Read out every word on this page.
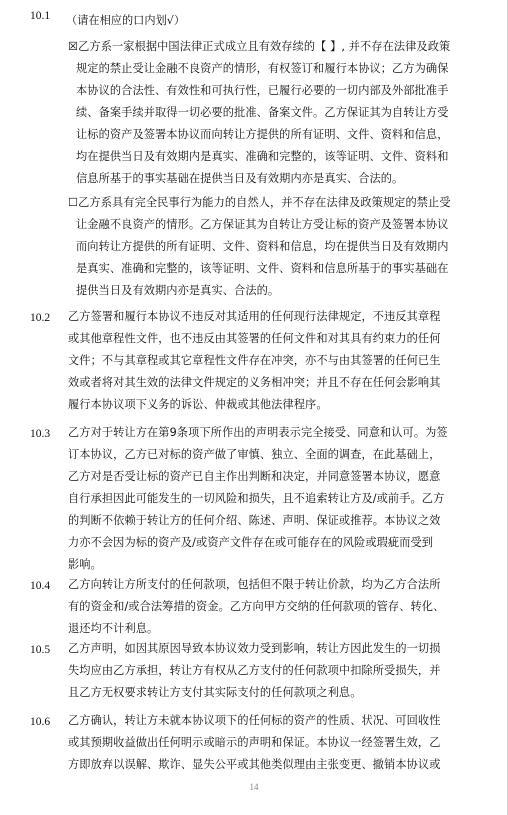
10.1 （请在相应的口内划√）
☒乙方系一家根据中国法律正式成立且有效存续的【 】, 并不存在法律及政策
规定的禁止受让金融不良资产的情形，有权签订和履行本协议；乙方为确保
本协议的合法性、有效性和可执行性，已履行必要的一切内部及外部批准手
续、备案手续并取得一切必要的批准、备案文件。乙方保证其为自转让方受
让标的资产及签署本协议而向转让方提供的所有证明、文件、资料和信息，
均在提供当日及有效期内是真实、准确和完整的，该等证明、文件、资料和
信息所基于的事实基础在提供当日及有效期内亦是真实、合法的。
☐乙方系具有完全民事行为能力的自然人，并不存在法律及政策规定的禁止受
让金融不良资产的情形。乙方保证其为自转让方受让标的资产及签署本协议
而向转让方提供的所有证明、文件、资料和信息，均在提供当日及有效期内
是真实、准确和完整的，该等证明、文件、资料和信息所基于的事实基础在
提供当日及有效期内亦是真实、合法的。
10.2 乙方签署和履行本协议不违反对其适用的任何现行法律规定，不违反其章程
或其他章程性文件，也不违反由其签署的任何文件和对其具有约束力的任何
文件；不与其章程或其它章程性文件存在冲突，亦不与由其签署的任何已生
效或者将对其生效的法律文件规定的义务相冲突；并且不存在任何会影响其
履行本协议项下义务的诉讼、仲裁或其他法律程序。
10.3 乙方对于转让方在第9条项下所作出的声明表示完全接受、同意和认可。为签
订本协议，乙方已对标的资产做了审慎、独立、全面的调查，在此基础上，
乙方对是否受让标的资产已自主作出判断和决定，并同意签署本协议，愿意
自行承担因此可能发生的一切风险和损失，且不追索转让方及/或前手。乙方
的判断不依赖于转让方的任何介绍、陈述、声明、保证或推荐。本协议之效
力亦不会因为标的资产及/或资产文件存在或可能存在的风险或瑕疵而受到
影响。
10.4 乙方向转让方所支付的任何款项，包括但不限于转让价款，均为乙方合法所
有的资金和/或合法筹措的资金。乙方向甲方交纳的任何款项的管存、转化、
退还均不计利息。
10.5 乙方声明，如因其原因导致本协议效力受到影响，转让方因此发生的一切损
失均应由乙方承担，转让方有权从乙方支付的任何款项中扣除所受损失，并
且乙方无权要求转让方支付其实际支付的任何款项之利息。
10.6 乙方确认，转让方未就本协议项下的任何标的资产的性质、状况、可回收性
或其预期收益做出任何明示或暗示的声明和保证。本协议一经签署生效，乙
方即放弃以误解、欺诈、显失公平或其他类似理由主张变更、撤销本协议或
14
